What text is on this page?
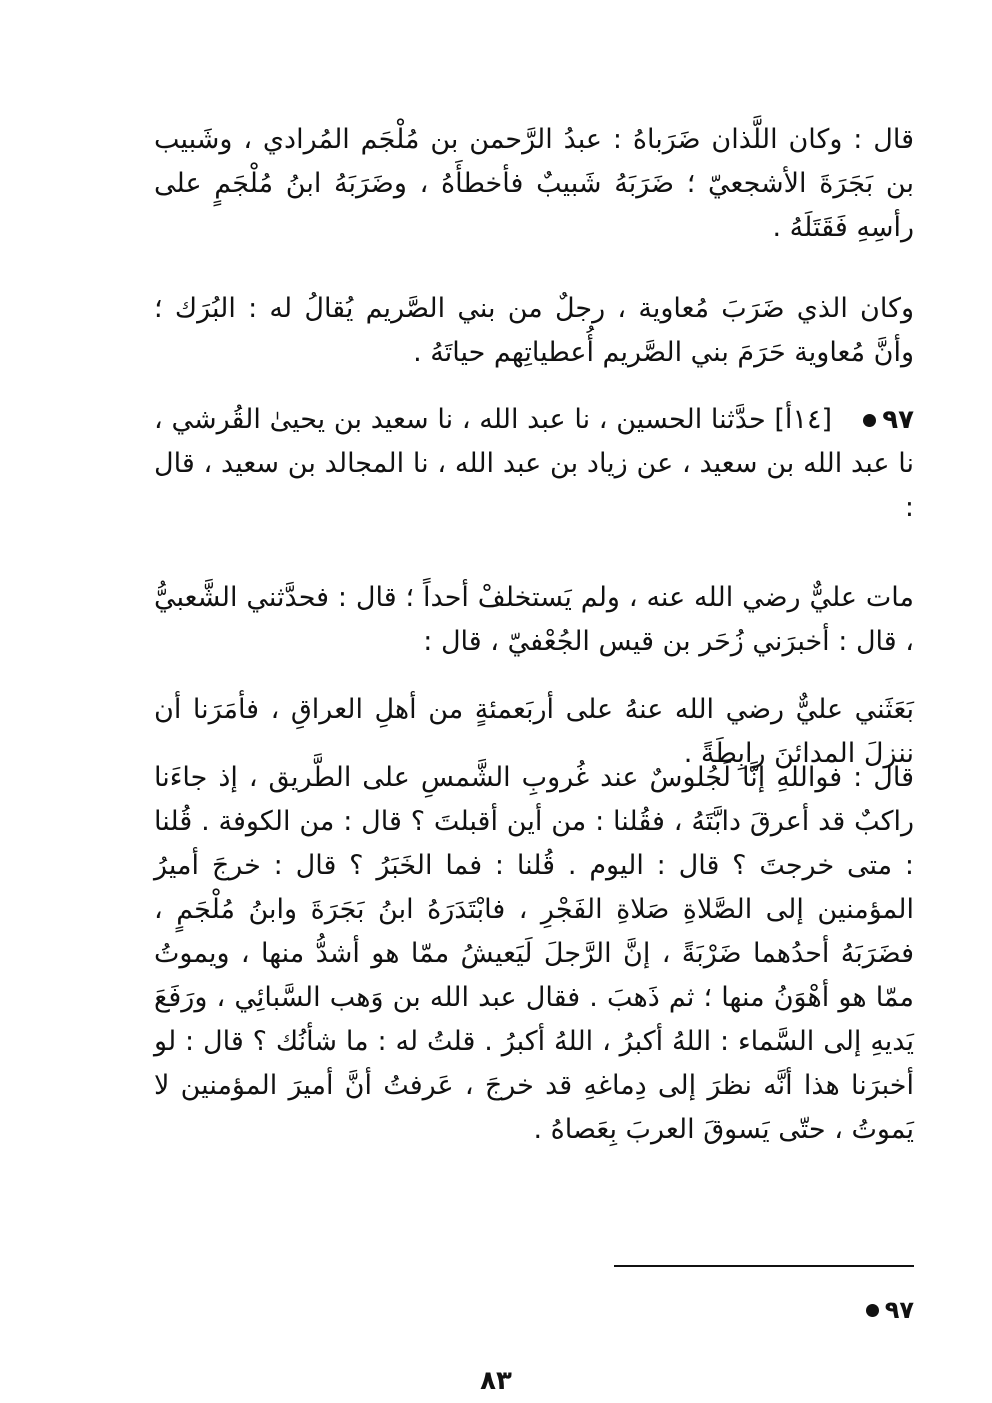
قال : وكان اللَّذان ضَرَباهُ : عبدُ الرَّحمن بن مُلْجَم المُرادي ، وشَبيب بن بَجَرَةَ الأشجعيّ ؛ ضَرَبَهُ شَبيبٌ فأخطأَهُ ، وضَرَبَهُ ابنُ مُلْجَمٍ على رأسِهِ فَقَتَلَهُ .

وكان الذي ضَرَبَ مُعاوية ، رجلٌ من بني الصَّريم يُقالُ له : البُرَك ؛ وأنَّ مُعاوية حَرَمَ بني الصَّريم أُعطياتِهم حياتَهُ .

٩٧

[١٤أ] حدَّثنا الحسين ، نا عبد الله ، نا سعيد بن يحيىٰ القُرشي ، نا عبد الله بن سعيد ، عن زياد بن عبد الله ، نا المجالد بن سعيد ، قال :

مات عليٌّ رضي الله عنه ، ولم يَستخلفْ أحداً ؛ قال : فحدَّثني الشَّعبيُّ ، قال : أخبرَني زُحَر بن قيس الجُعْفيّ ، قال :

بَعَثَني عليٌّ رضي الله عنهُ على أربَعمئةٍ من أهلِ العراقِ ، فأمَرَنا أن ننزلَ المدائنَ رابِطَةً .

قال : فواللهِ إنَّا لَجُلوسٌ عند غُروبِ الشَّمسِ على الطَّريق ، إذ جاءَنا راكبٌ قد أعرقَ دابَّتَهُ ، فقُلنا : من أين أقبلتَ ؟ قال : من الكوفة . قُلنا : متى خرجتَ ؟ قال : اليوم . قُلنا : فما الخَبَرُ ؟ قال : خرجَ أميرُ المؤمنين إلى الصَّلاةِ صَلاةِ الفَجْرِ ، فابْتَدَرَهُ ابنُ بَجَرَةَ وابنُ مُلْجَمٍ ، فضَرَبَهُ أحدُهما ضَرْبَةً ، إنَّ الرَّجلَ لَيَعيشُ ممّا هو أشدُّ منها ، ويموتُ ممّا هو أهْوَنُ منها ؛ ثم ذَهبَ . فقال عبد الله بن وَهب السَّبائِي ، ورَفَعَ يَديهِ إلى السَّماء : اللهُ أكبرُ ، اللهُ أكبرُ . قلتُ له : ما شأنُك ؟ قال : لو أخبرَنا هذا أنَّه نظرَ إلى دِماغهِ قد خرجَ ، عَرفتُ أنَّ أميرَ المؤمنين لا يَموتُ ، حتّى يَسوقَ العربَ بِعَصاهُ .

٩٧
٨٣
